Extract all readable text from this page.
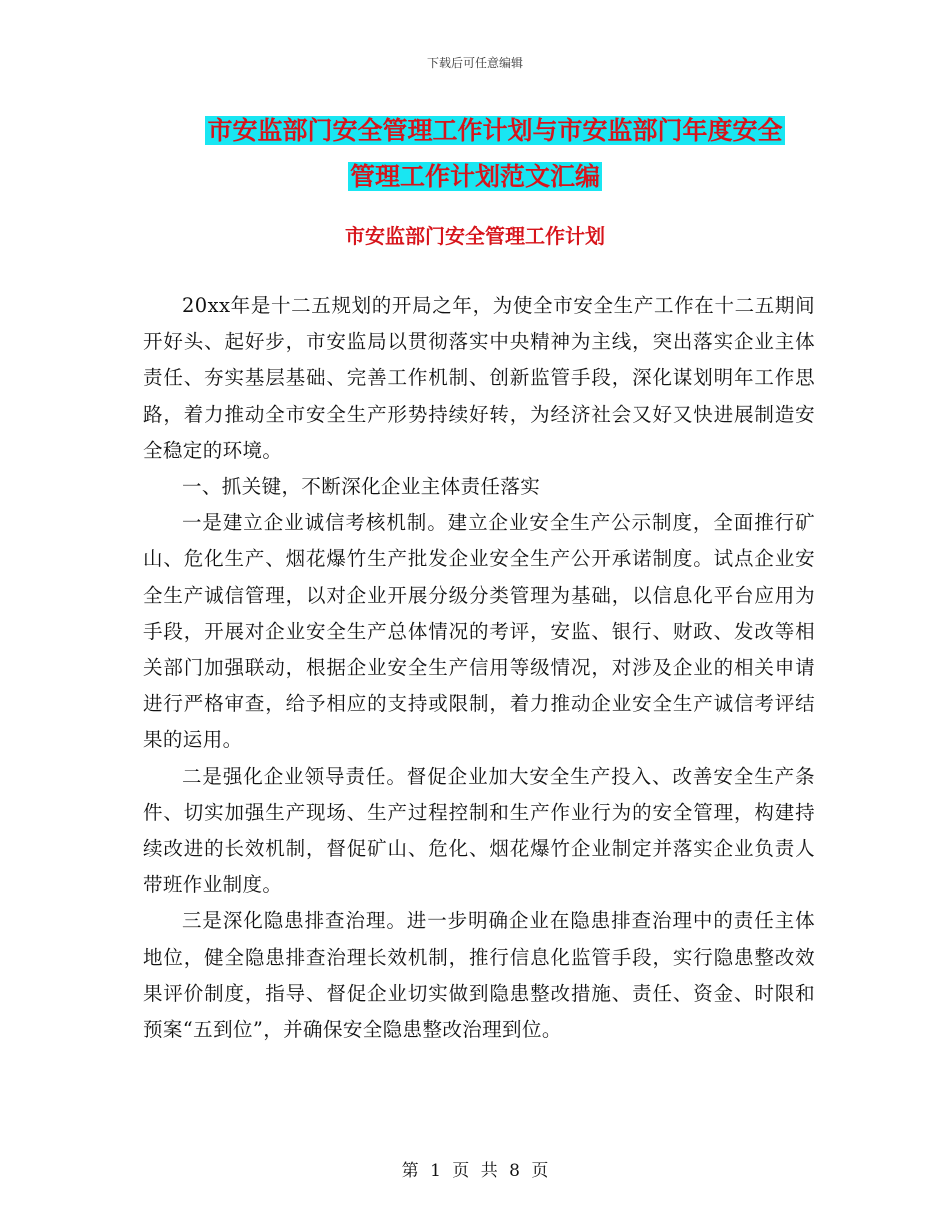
下载后可任意编辑
市安监部门安全管理工作计划与市安监部门年度安全
管理工作计划范文汇编
市安监部门安全管理工作计划

20xx年是十二五规划的开局之年，为使全市安全生产工作在十二五期间开好头、起好步，市安监局以贯彻落实中央精神为主线，突出落实企业主体责任、夯实基层基础、完善工作机制、创新监管手段，深化谋划明年工作思路，着力推动全市安全生产形势持续好转，为经济社会又好又快进展制造安全稳定的环境。

一、抓关键，不断深化企业主体责任落实

一是建立企业诚信考核机制。建立企业安全生产公示制度，全面推行矿山、危化生产、烟花爆竹生产批发企业安全生产公开承诺制度。试点企业安全生产诚信管理，以对企业开展分级分类管理为基础，以信息化平台应用为手段，开展对企业安全生产总体情况的考评，安监、银行、财政、发改等相关部门加强联动，根据企业安全生产信用等级情况，对涉及企业的相关申请进行严格审查，给予相应的支持或限制，着力推动企业安全生产诚信考评结果的运用。

二是强化企业领导责任。督促企业加大安全生产投入、改善安全生产条件、切实加强生产现场、生产过程控制和生产作业行为的安全管理，构建持续改进的长效机制，督促矿山、危化、烟花爆竹企业制定并落实企业负责人带班作业制度。

三是深化隐患排查治理。进一步明确企业在隐患排查治理中的责任主体地位，健全隐患排查治理长效机制，推行信息化监管手段，实行隐患整改效果评价制度，指导、督促企业切实做到隐患整改措施、责任、资金、时限和预案“五到位”，并确保安全隐患整改治理到位。

第 1 页 共 8 页
